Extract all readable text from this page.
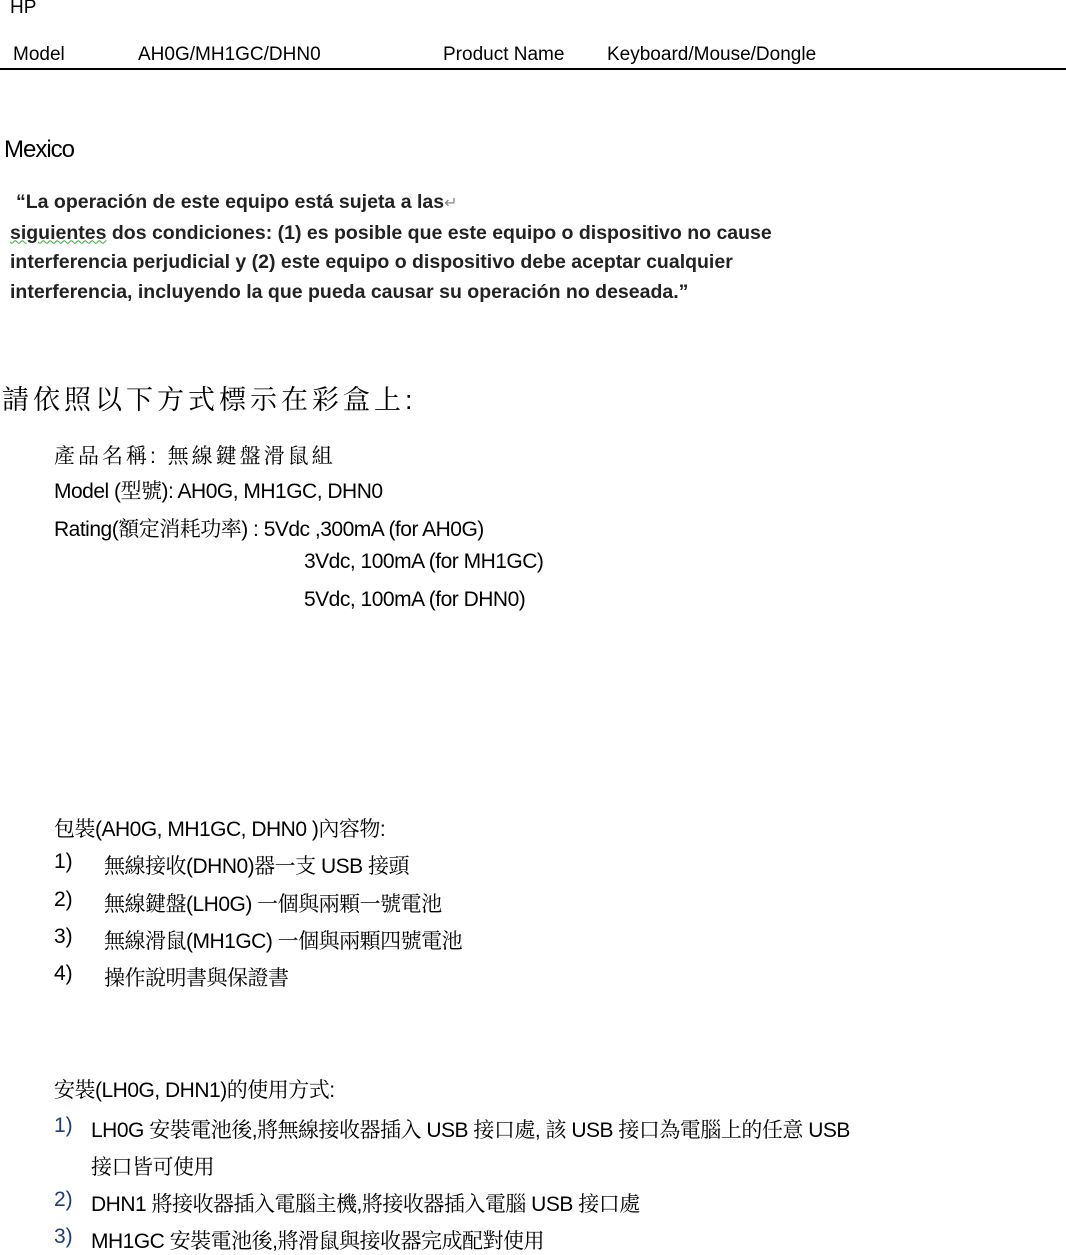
HP
Model	AH0G/MH1GC/DHN0	Product Name Keyboard/Mouse/Dongle
Mexico
“La operación de este equipo está sujeta a las↵
siguientes dos condiciones: (1) es posible que este equipo o dispositivo no cause
interferencia perjudicial y (2) este equipo o dispositivo debe aceptar cualquier
interferencia, incluyendo la que pueda causar su operación no deseada.”
請依照以下方式標示在彩盒上:
產品名稱: 無線鍵盤滑鼠組
Model (型號): AH0G, MH1GC, DHN0
Rating(額定消耗功率) : 5Vdc ,300mA (for AH0G)
3Vdc, 100mA (for MH1GC)
5Vdc, 100mA (for DHN0)
包裝(AH0G, MH1GC, DHN0 )內容物:
1) 無線接收(DHN0)器一支 USB 接頭
2) 無線鍵盤(LH0G) 一個與兩顆一號電池
3) 無線滑鼠(MH1GC) 一個與兩顆四號電池
4) 操作說明書與保證書
安裝(LH0G, DHN1)的使用方式:
1) LH0G 安裝電池後,將無線接收器插入 USB 接口處, 該 USB 接口為電腦上的任意 USB
接口皆可使用
2) DHN1 將接收器插入電腦主機,將接收器插入電腦 USB 接口處
3) MH1GC 安裝電池後,將滑鼠與接收器完成配對使用
